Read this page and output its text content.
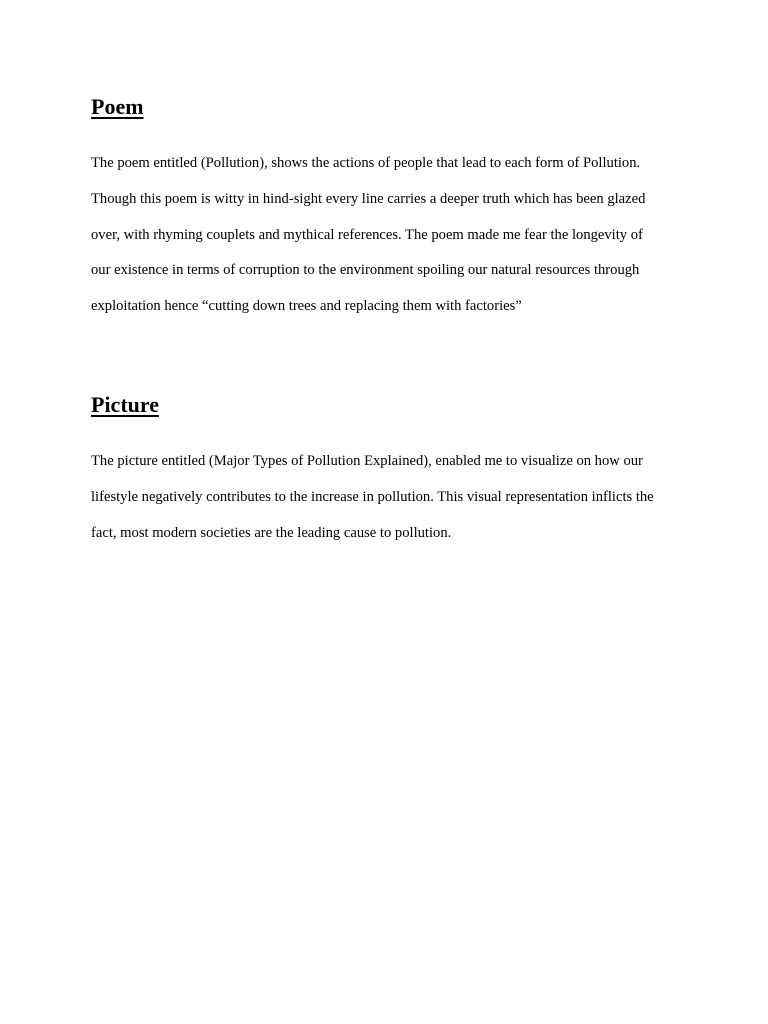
Poem

The poem entitled (Pollution), shows the actions of people that lead to each form of Pollution.
Though this poem is witty in hind-sight every line carries a deeper truth which has been glazed
over, with rhyming couplets and mythical references. The poem made me fear the longevity of
our existence in terms of corruption to the environment spoiling our natural resources through
exploitation hence “cutting down trees and replacing them with factories”

Picture

The picture entitled (Major Types of Pollution Explained), enabled me to visualize on how our
lifestyle negatively contributes to the increase in pollution. This visual representation inflicts the
fact, most modern societies are the leading cause to pollution.
